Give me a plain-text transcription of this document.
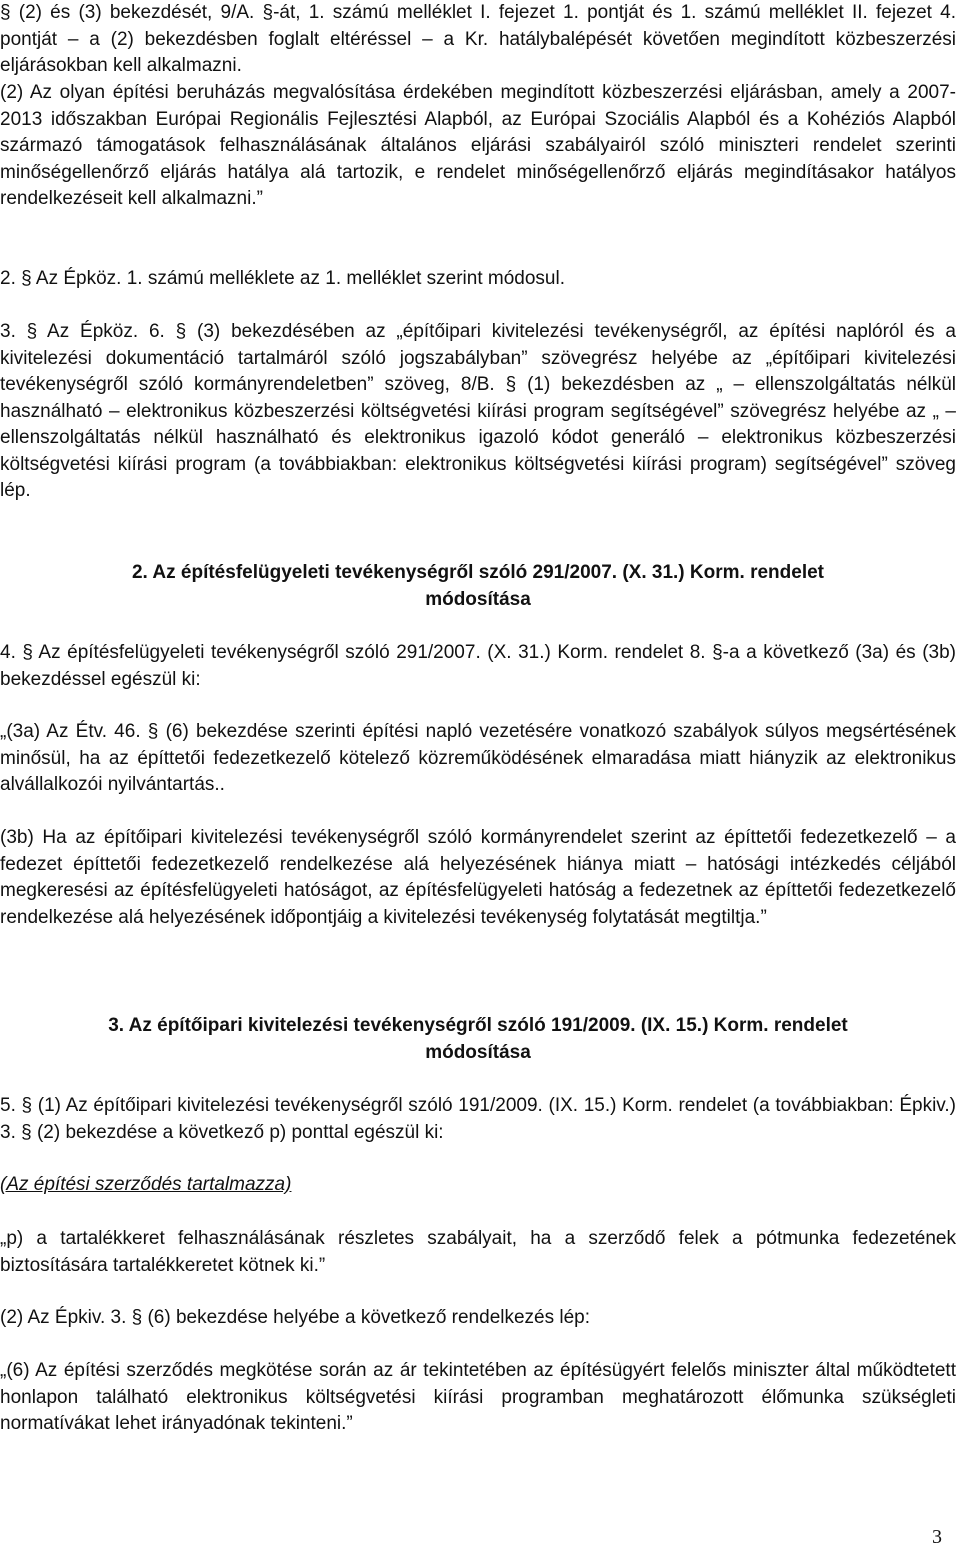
§ (2) és (3) bekezdését, 9/A. §-át, 1. számú melléklet I. fejezet 1. pontját és 1. számú melléklet II. fejezet 4. pontját – a (2) bekezdésben foglalt eltéréssel – a Kr. hatálybalépését követően megindított közbeszerzési eljárásokban kell alkalmazni.

(2) Az olyan építési beruházás megvalósítása érdekében megindított közbeszerzési eljárásban, amely a 2007-2013 időszakban Európai Regionális Fejlesztési Alapból, az Európai Szociális Alapból és a Kohéziós Alapból származó támogatások felhasználásának általános eljárási szabályairól szóló miniszteri rendelet szerinti minőségellenőrző eljárás hatálya alá tartozik, e rendelet minőségellenőrző eljárás megindításakor hatályos rendelkezéseit kell alkalmazni.”

2. § Az Épköz. 1. számú melléklete az 1. melléklet szerint módosul.

3. § Az Épköz. 6. § (3) bekezdésében az „építőipari kivitelezési tevékenységről, az építési naplóról és a kivitelezési dokumentáció tartalmáról szóló jogszabályban” szövegrész helyébe az „építőipari kivitelezési tevékenységről szóló kormányrendeletben” szöveg, 8/B. § (1) bekezdésben az „ – ellenszolgáltatás nélkül használható – elektronikus közbeszerzési költségvetési kiírási program segítségével” szövegrész helyébe az „ – ellenszolgáltatás nélkül használható és elektronikus igazoló kódot generáló – elektronikus közbeszerzési költségvetési kiírási program (a továbbiakban: elektronikus költségvetési kiírási program) segítségével” szöveg lép.

2. Az építésfelügyeleti tevékenységről szóló 291/2007. (X. 31.) Korm. rendelet

módosítása

4. § Az építésfelügyeleti tevékenységről szóló 291/2007. (X. 31.) Korm. rendelet 8. §-a a következő (3a) és (3b) bekezdéssel egészül ki:

„(3a) Az Étv. 46. § (6) bekezdése szerinti építési napló vezetésére vonatkozó szabályok súlyos megsértésének minősül, ha az építtetői fedezetkezelő kötelező közreműködésének elmaradása miatt hiányzik az elektronikus alvállalkozói nyilvántartás..

(3b) Ha az építőipari kivitelezési tevékenységről szóló kormányrendelet szerint az építtetői fedezetkezelő – a fedezet építtetői fedezetkezelő rendelkezése alá helyezésének hiánya miatt – hatósági intézkedés céljából megkeresési az építésfelügyeleti hatóságot, az építésfelügyeleti hatóság a fedezetnek az építtetői fedezetkezelő rendelkezése alá helyezésének időpontjáig a kivitelezési tevékenység folytatását megtiltja.”

3. Az építőipari kivitelezési tevékenységről szóló 191/2009. (IX. 15.) Korm. rendelet

módosítása

5. § (1) Az építőipari kivitelezési tevékenységről szóló 191/2009. (IX. 15.) Korm. rendelet (a továbbiakban: Épkiv.) 3. § (2) bekezdése a következő p) ponttal egészül ki:

(Az építési szerződés tartalmazza)

„p) a tartalékkeret felhasználásának részletes szabályait, ha a szerződő felek a pótmunka fedezetének biztosítására tartalékkeretet kötnek ki.”

(2) Az Épkiv. 3. § (6) bekezdése helyébe a következő rendelkezés lép:

„(6) Az építési szerződés megkötése során az ár tekintetében az építésügyért felelős miniszter által működtetett honlapon található elektronikus költségvetési kiírási programban meghatározott élőmunka szükségleti normatívákat lehet irányadónak tekinteni.”

3
